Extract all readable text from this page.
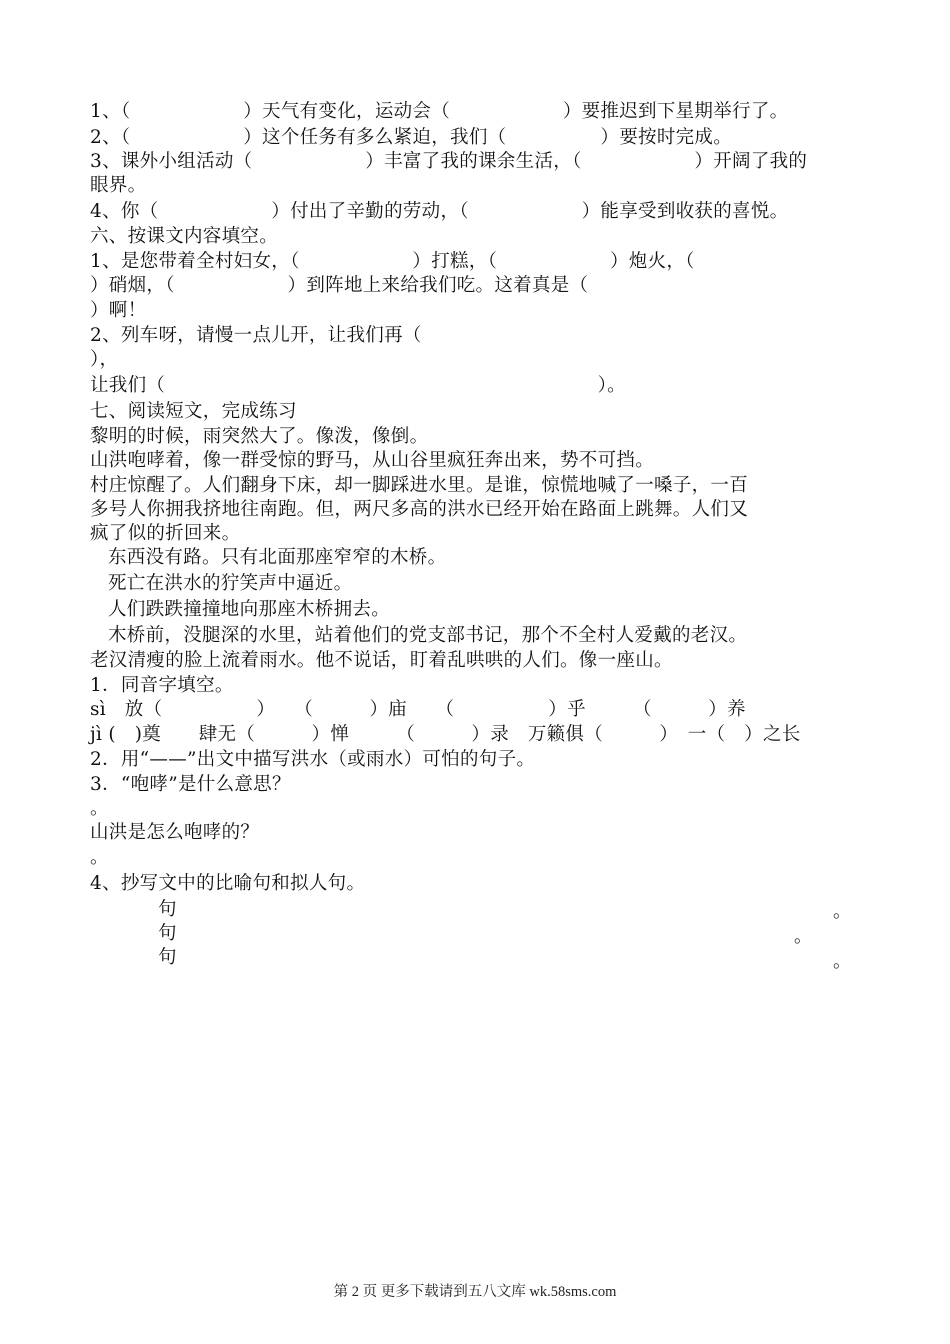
1、（　　　　　　）天气有变化，运动会（　　　　　　）要推迟到下星期举行了。
2、（　　　　　　）这个任务有多么紧迫，我们（　　　　　）要按时完成。
3、课外小组活动（　　　　　　）丰富了我的课余生活，（　　　　　　）开阔了我的
眼界。
4、你（　　　　　　）付出了辛勤的劳动，（　　　　　　）能享受到收获的喜悦。
六、按课文内容填空。
1、是您带着全村妇女，（　　　　　　）打糕，（　　　　　　）炮火，（
）硝烟，（　　　　　　）到阵地上来给我们吃。这着真是（
）啊！
2、列车呀，请慢一点儿开，让我们再（
），
让我们（　　　　　　　　　　　　　　　　　　　　　　　）。
七、阅读短文，完成练习
黎明的时候，雨突然大了。像泼，像倒。
山洪咆哮着，像一群受惊的野马，从山谷里疯狂奔出来，势不可挡。
村庄惊醒了。人们翻身下床，却一脚踩进水里。是谁，惊慌地喊了一嗓子，一百
多号人你拥我挤地往南跑。但，两尺多高的洪水已经开始在路面上跳舞。人们又
疯了似的折回来。
东西没有路。只有北面那座窄窄的木桥。
死亡在洪水的狞笑声中逼近。
人们跌跌撞撞地向那座木桥拥去。
木桥前，没腿深的水里，站着他们的党支部书记，那个不全村人爱戴的老汉。
老汉清瘦的脸上流着雨水。他不说话，盯着乱哄哄的人们。像一座山。
1．同音字填空。
sì　放（　　　　　）　　（　　　）庙　　（　　　　　）乎　　　（　　　）养
jì (　)奠　　肆无（　　　）惮　　　（　　　）录　万籁俱（　　　）　一（　）之长
2．用“——”出文中描写洪水（或雨水）可怕的句子。
3．“咆哮”是什么意思？
。
山洪是怎么咆哮的？
。
4、抄写文中的比喻句和拟人句。
句
句
句
。
。
。
第 2 页 更多下载请到五八文库 wk.58sms.com
